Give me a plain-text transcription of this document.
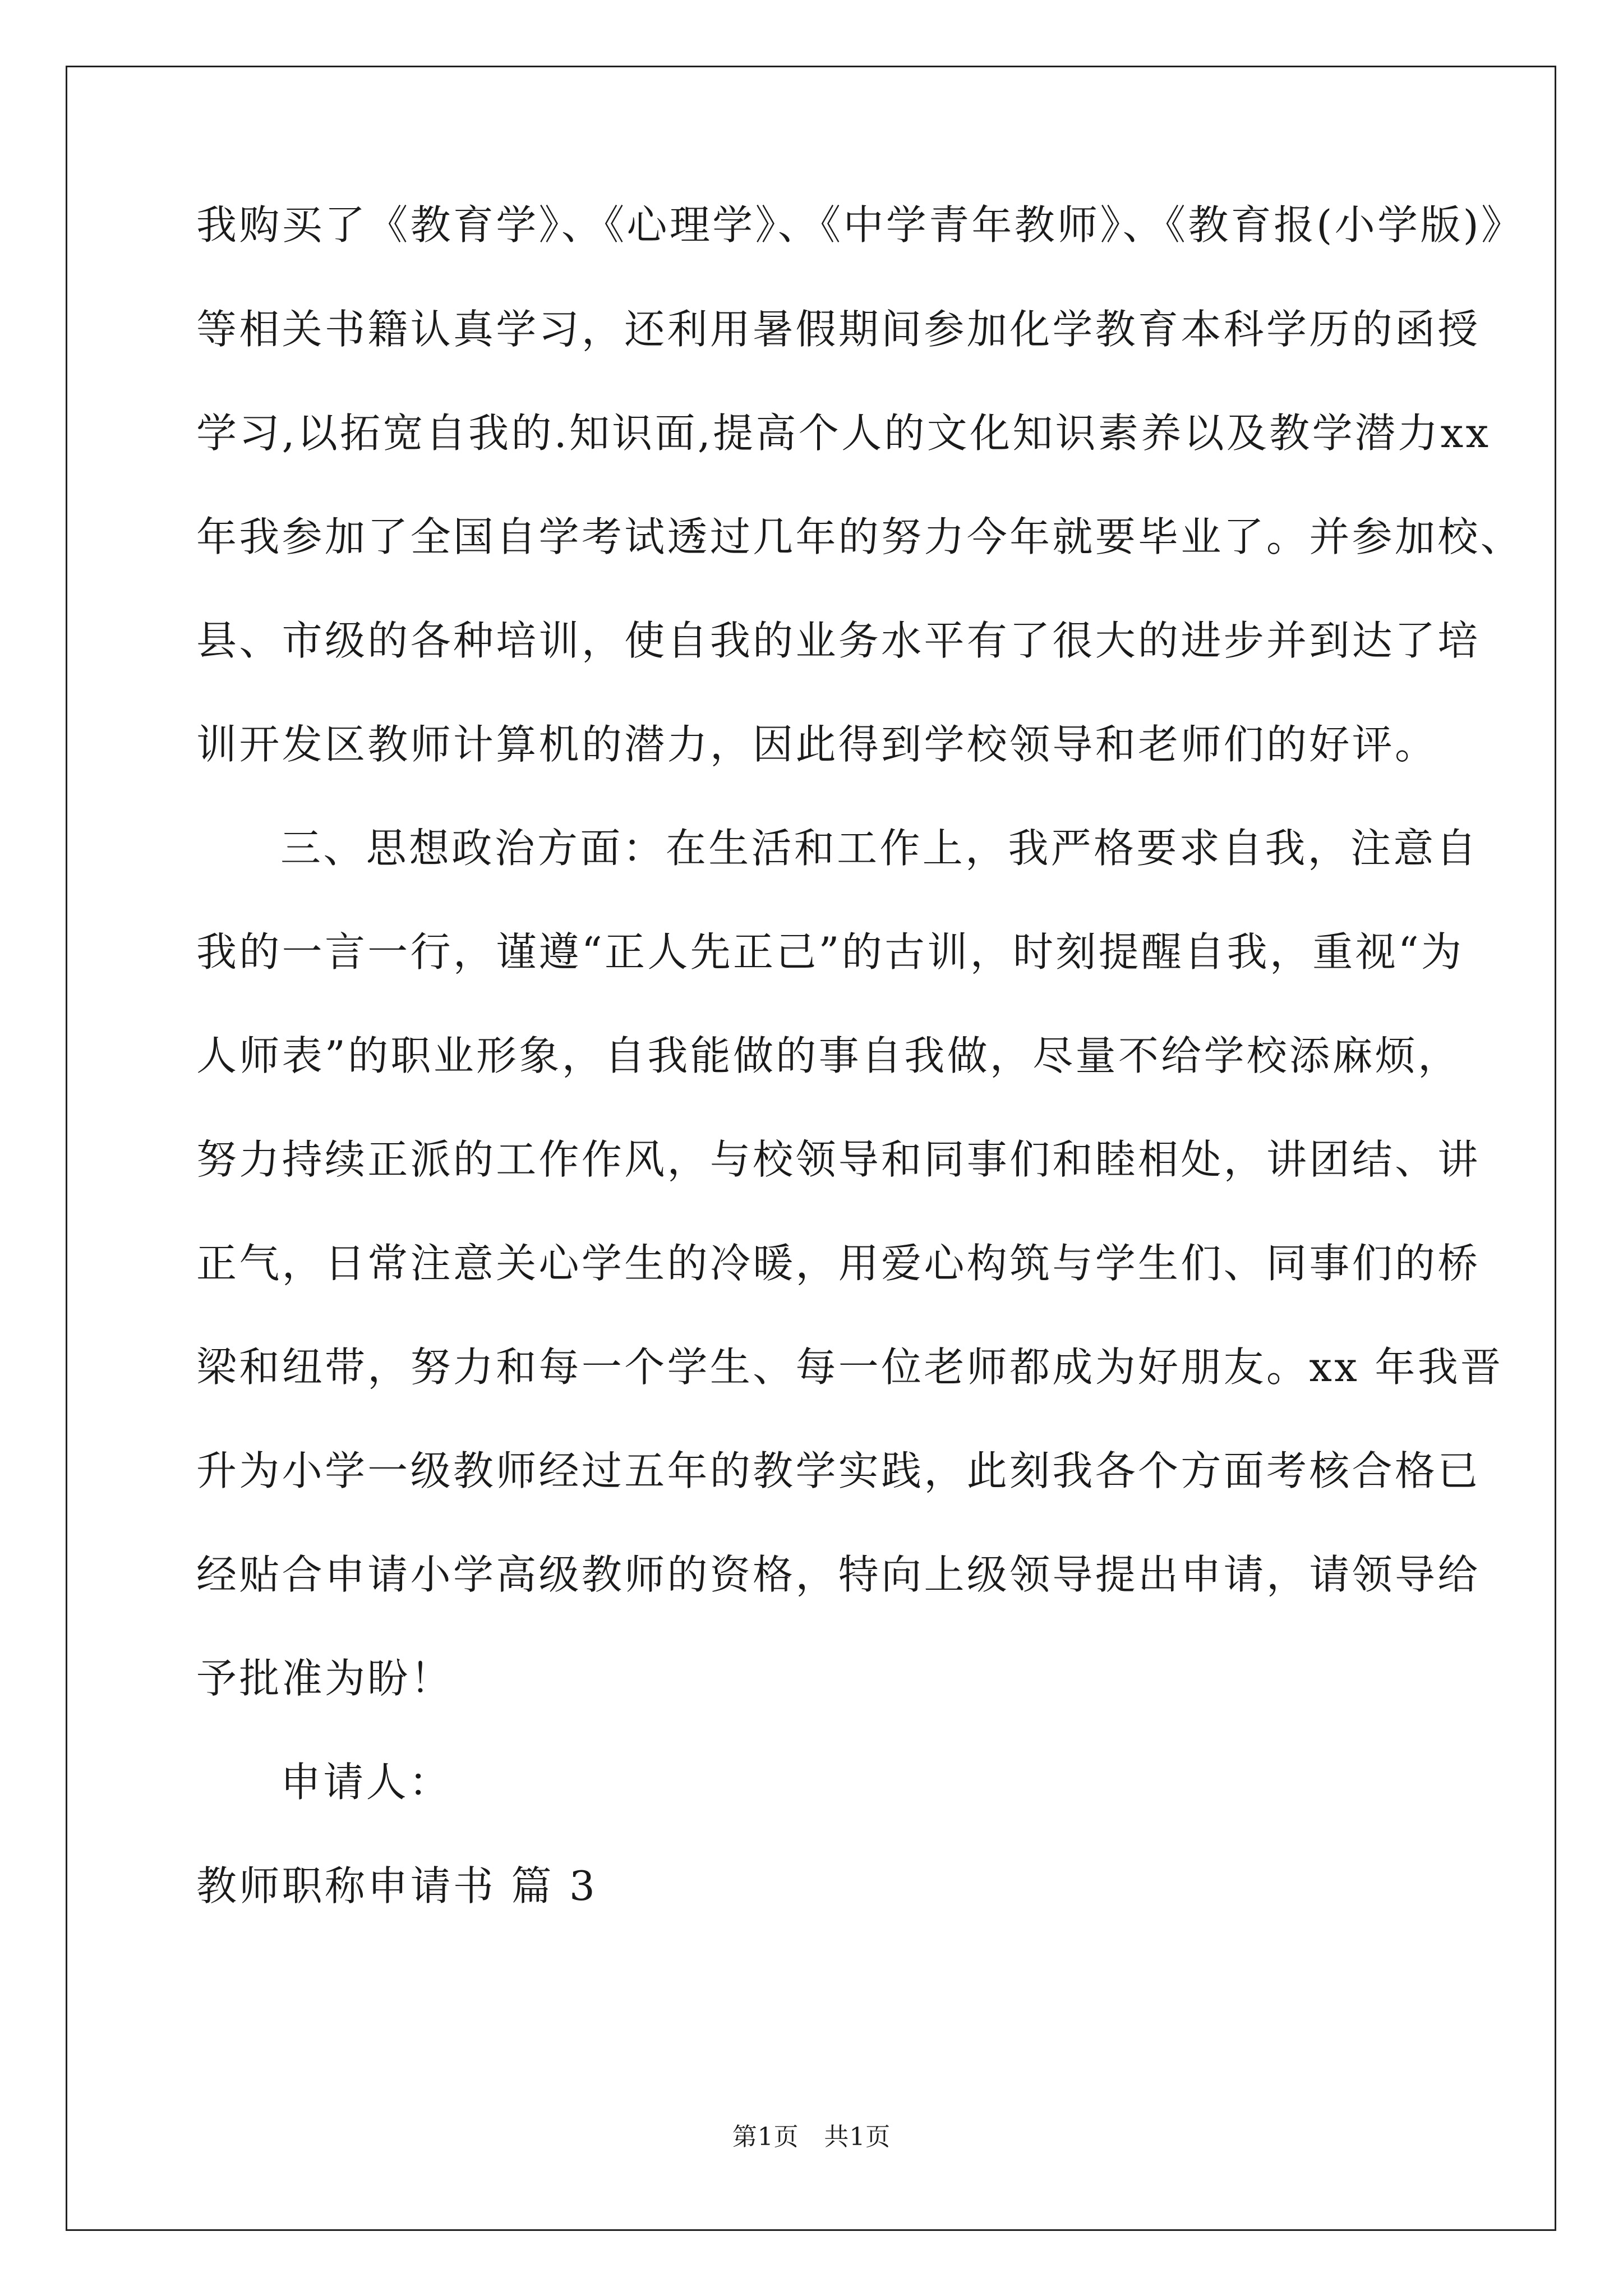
我购买了《教育学》、《心理学》、《中学青年教师》、《教育报(小学版)》
等相关书籍认真学习，还利用暑假期间参加化学教育本科学历的函授
学习,以拓宽自我的.知识面,提高个人的文化知识素养以及教学潜力xx
年我参加了全国自学考试透过几年的努力今年就要毕业了。并参加校、
县、市级的各种培训，使自我的业务水平有了很大的进步并到达了培
训开发区教师计算机的潜力，因此得到学校领导和老师们的好评。
三、思想政治方面：在生活和工作上，我严格要求自我，注意自
我的一言一行，谨遵“正人先正己”的古训，时刻提醒自我，重视“为
人师表”的职业形象，自我能做的事自我做，尽量不给学校添麻烦，
努力持续正派的工作作风，与校领导和同事们和睦相处，讲团结、讲
正气，日常注意关心学生的冷暖，用爱心构筑与学生们、同事们的桥
梁和纽带，努力和每一个学生、每一位老师都成为好朋友。xx 年我晋
升为小学一级教师经过五年的教学实践，此刻我各个方面考核合格已
经贴合申请小学高级教师的资格，特向上级领导提出申请，请领导给
予批准为盼！
申请人：
教师职称申请书 篇 3
第1页　共1页
